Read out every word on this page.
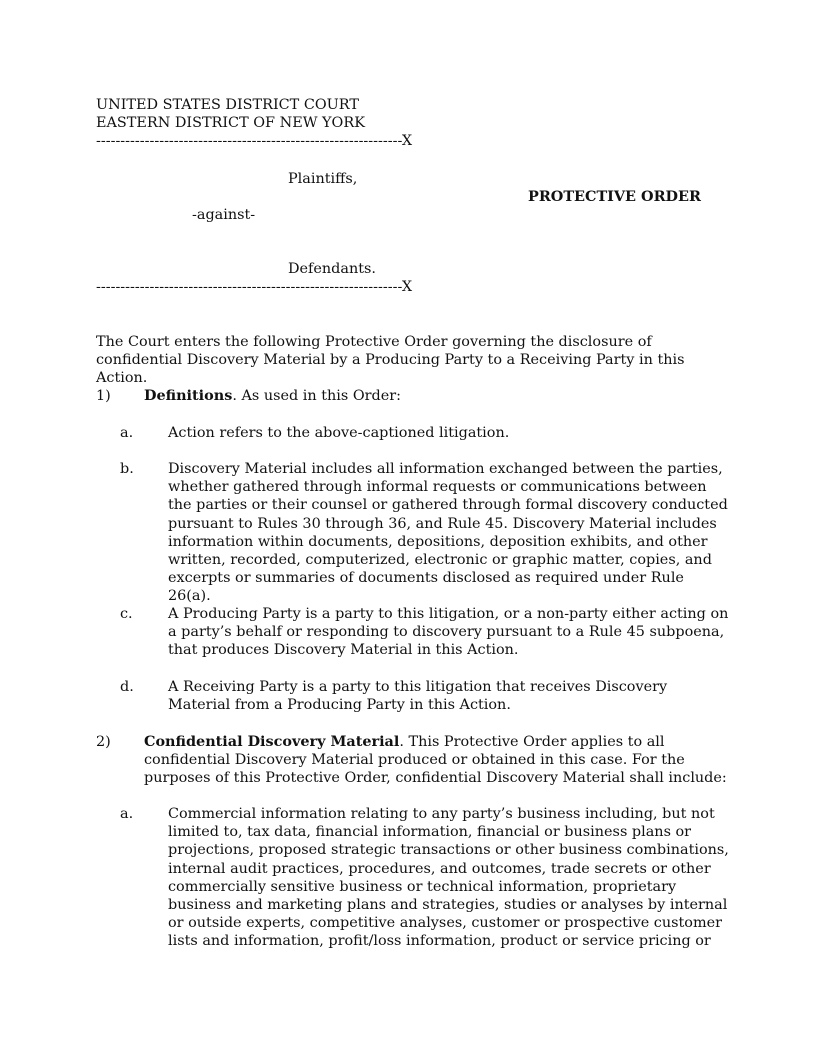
UNITED STATES DISTRICT COURT
EASTERN DISTRICT OF NEW YORK
---------------------------------------------------------------X
Plaintiffs,
PROTECTIVE ORDER
-against-
Defendants.
---------------------------------------------------------------X
The Court enters the following Protective Order governing the disclosure of confidential Discovery Material by a Producing Party to a Receiving Party in this Action.
1) Definitions. As used in this Order:
a. Action refers to the above-captioned litigation.
b. Discovery Material includes all information exchanged between the parties, whether gathered through informal requests or communications between the parties or their counsel or gathered through formal discovery conducted pursuant to Rules 30 through 36, and Rule 45. Discovery Material includes information within documents, depositions, deposition exhibits, and other written, recorded, computerized, electronic or graphic matter, copies, and excerpts or summaries of documents disclosed as required under Rule 26(a).
c. A Producing Party is a party to this litigation, or a non-party either acting on a party’s behalf or responding to discovery pursuant to a Rule 45 subpoena, that produces Discovery Material in this Action.
d. A Receiving Party is a party to this litigation that receives Discovery Material from a Producing Party in this Action.
2) Confidential Discovery Material. This Protective Order applies to all confidential Discovery Material produced or obtained in this case. For the purposes of this Protective Order, confidential Discovery Material shall include:
a. Commercial information relating to any party’s business including, but not limited to, tax data, financial information, financial or business plans or projections, proposed strategic transactions or other business combinations, internal audit practices, procedures, and outcomes, trade secrets or other commercially sensitive business or technical information, proprietary business and marketing plans and strategies, studies or analyses by internal or outside experts, competitive analyses, customer or prospective customer lists and information, profit/loss information, product or service pricing or
